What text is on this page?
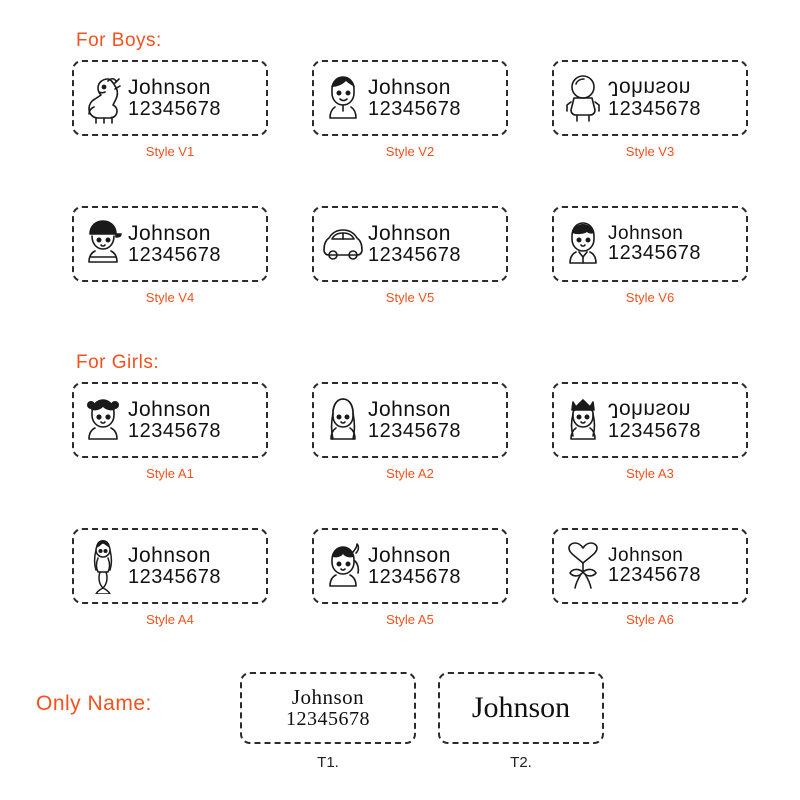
For Boys:
For Girls:
Only Name:
Johnson
12345678
Style V1
Johnson
12345678
Style V2
Johnson
12345678
Style V3
Johnson
12345678
Style V4
Johnson
12345678
Style V5
Johnson
12345678
Style V6
Johnson
12345678
Style A1
Johnson
12345678
Style A2
Johnson
12345678
Style A3
Johnson
12345678
Style A4
Johnson
12345678
Style A5
Johnson
12345678
Style A6
Johnson
12345678
T1.
Johnson
T2.
